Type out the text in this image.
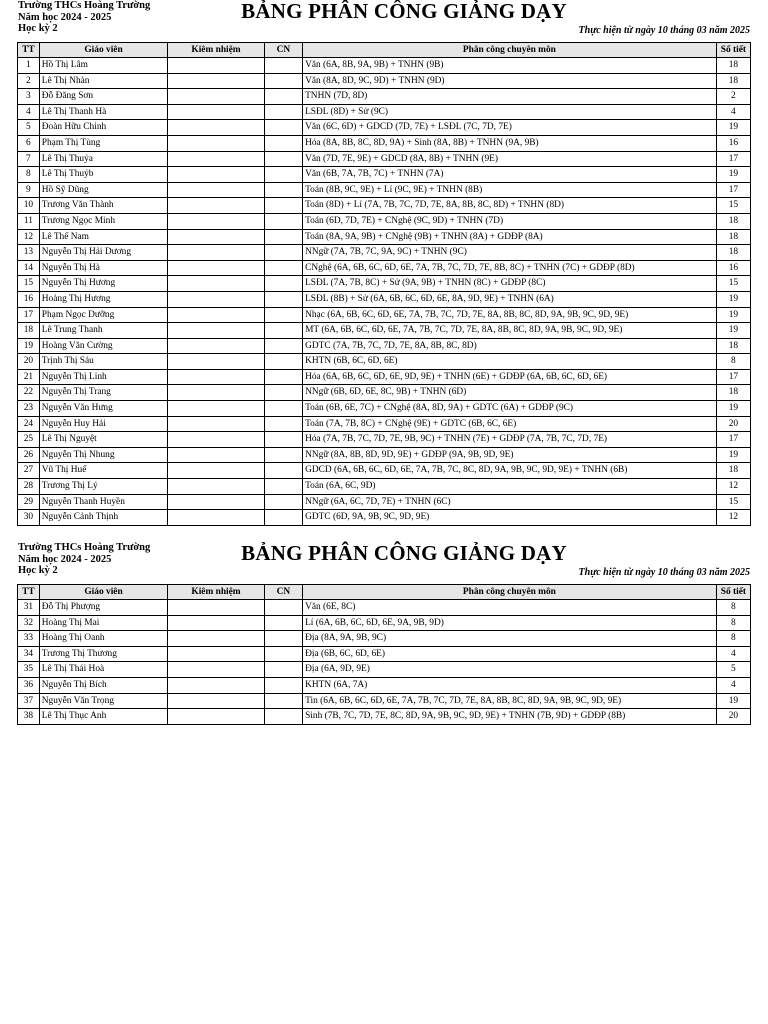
Trường THCs Hoàng Trường
Năm học 2024 - 2025
Học kỳ 2
BẢNG PHÂN CÔNG GIẢNG DẠY
Thực hiện từ ngày 10 tháng 03 năm 2025
TT	Giáo viên	Kiêm nhiệm	CN	Phân công chuyên môn	Số tiết
1	Hồ Thị Lâm			Văn (6A, 8B, 9A, 9B) + TNHN (9B)	18
2	Lê Thị Nhàn			Văn (8A, 8D, 9C, 9D) + TNHN (9D)	18
3	Đỗ Đăng Sơn			TNHN (7D, 8D)	2
4	Lê Thị Thanh Hà			LSĐL (8D) + Sử (9C)	4
5	Đoàn Hữu Chinh			Văn (6C, 6D) + GDCD (7D, 7E) + LSĐL (7C, 7D, 7E)	19
6	Phạm Thị Tùng			Hóa (8A, 8B, 8C, 8D, 9A) + Sinh (8A, 8B) + TNHN (9A, 9B)	16
7	Lê Thị Thuỷa			Văn (7D, 7E, 9E) + GDCD (8A, 8B) + TNHN (9E)	17
8	Lê Thị Thuỷb			Văn (6B, 7A, 7B, 7C) + TNHN (7A)	19
9	Hồ Sỹ Dũng			Toán (8B, 9C, 9E) + Lí (9C, 9E) + TNHN (8B)	17
10	Trương Văn Thành			Toán (8D) + Lí (7A, 7B, 7C, 7D, 7E, 8A, 8B, 8C, 8D) + TNHN (8D)	15
11	Trương Ngọc Minh			Toán (6D, 7D, 7E) + CNghệ (9C, 9D) + TNHN (7D)	18
12	Lê Thế Nam			Toán (8A, 9A, 9B) + CNghệ (9B) + TNHN (8A) + GDĐP (8A)	18
13	Nguyễn Thị Hải Dương			NNgữ (7A, 7B, 7C, 9A, 9C) + TNHN (9C)	18
14	Nguyễn Thị Hà			CNghệ (6A, 6B, 6C, 6D, 6E, 7A, 7B, 7C, 7D, 7E, 8B, 8C) + TNHN (7C) + GDĐP (8D)	16
15	Nguyễn Thị Hương			LSĐL (7A, 7B, 8C) + Sử (9A, 9B) + TNHN (8C) + GDĐP (8C)	15
16	Hoàng Thị Hương			LSĐL (8B) + Sử (6A, 6B, 6C, 6D, 6E, 8A, 9D, 9E) + TNHN (6A)	19
17	Phạm Ngọc Dưỡng			Nhạc (6A, 6B, 6C, 6D, 6E, 7A, 7B, 7C, 7D, 7E, 8A, 8B, 8C, 8D, 9A, 9B, 9C, 9D, 9E)	19
18	Lê Trung Thanh			MT (6A, 6B, 6C, 6D, 6E, 7A, 7B, 7C, 7D, 7E, 8A, 8B, 8C, 8D, 9A, 9B, 9C, 9D, 9E)	19
19	Hoàng Văn Cường			GDTC (7A, 7B, 7C, 7D, 7E, 8A, 8B, 8C, 8D)	18
20	Trịnh Thị Sáu			KHTN (6B, 6C, 6D, 6E)	8
21	Nguyễn Thị Linh			Hóa (6A, 6B, 6C, 6D, 6E, 9D, 9E) + TNHN (6E) + GDĐP (6A, 6B, 6C, 6D, 6E)	17
22	Nguyễn Thị Trang			NNgữ (6B, 6D, 6E, 8C, 9B) + TNHN (6D)	18
23	Nguyễn Văn Hưng			Toán (6B, 6E, 7C) + CNghệ (8A, 8D, 9A) + GDTC (6A) + GDĐP (9C)	19
24	Nguyễn Huy Hải			Toán (7A, 7B, 8C) + CNghệ (9E) + GDTC (6B, 6C, 6E)	20
25	Lê Thị Nguyệt			Hóa (7A, 7B, 7C, 7D, 7E, 9B, 9C) + TNHN (7E) + GDĐP (7A, 7B, 7C, 7D, 7E)	17
26	Nguyễn Thị Nhung			NNgữ (8A, 8B, 8D, 9D, 9E) + GDĐP (9A, 9B, 9D, 9E)	19
27	Vũ Thị Huế			GDCD (6A, 6B, 6C, 6D, 6E, 7A, 7B, 7C, 8C, 8D, 9A, 9B, 9C, 9D, 9E) + TNHN (6B)	18
28	Trương Thị Lý			Toán (6A, 6C, 9D)	12
29	Nguyễn Thanh Huyền			NNgữ (6A, 6C, 7D, 7E) + TNHN (6C)	15
30	Nguyễn Cảnh Thịnh			GDTC (6D, 9A, 9B, 9C, 9D, 9E)	12
Trường THCs Hoàng Trường
Năm học 2024 - 2025
Học kỳ 2
BẢNG PHÂN CÔNG GIẢNG DẠY
Thực hiện từ ngày 10 tháng 03 năm 2025
TT	Giáo viên	Kiêm nhiệm	CN	Phân công chuyên môn	Số tiết
31	Đỗ Thị Phượng			Văn (6E, 8C)	8
32	Hoàng Thị Mai			Lí (6A, 6B, 6C, 6D, 6E, 9A, 9B, 9D)	8
33	Hoàng Thị Oanh			Địa (8A, 9A, 9B, 9C)	8
34	Trương Thị Thương			Địa (6B, 6C, 6D, 6E)	4
35	Lê Thị Thái Hoà			Địa (6A, 9D, 9E)	5
36	Nguyễn Thị Bích			KHTN (6A, 7A)	4
37	Nguyễn Văn Trọng			Tin (6A, 6B, 6C, 6D, 6E, 7A, 7B, 7C, 7D, 7E, 8A, 8B, 8C, 8D, 9A, 9B, 9C, 9D, 9E)	19
38	Lê Thị Thục Anh			Sinh (7B, 7C, 7D, 7E, 8C, 8D, 9A, 9B, 9C, 9D, 9E) + TNHN (7B, 9D) + GDĐP (8B)	20
